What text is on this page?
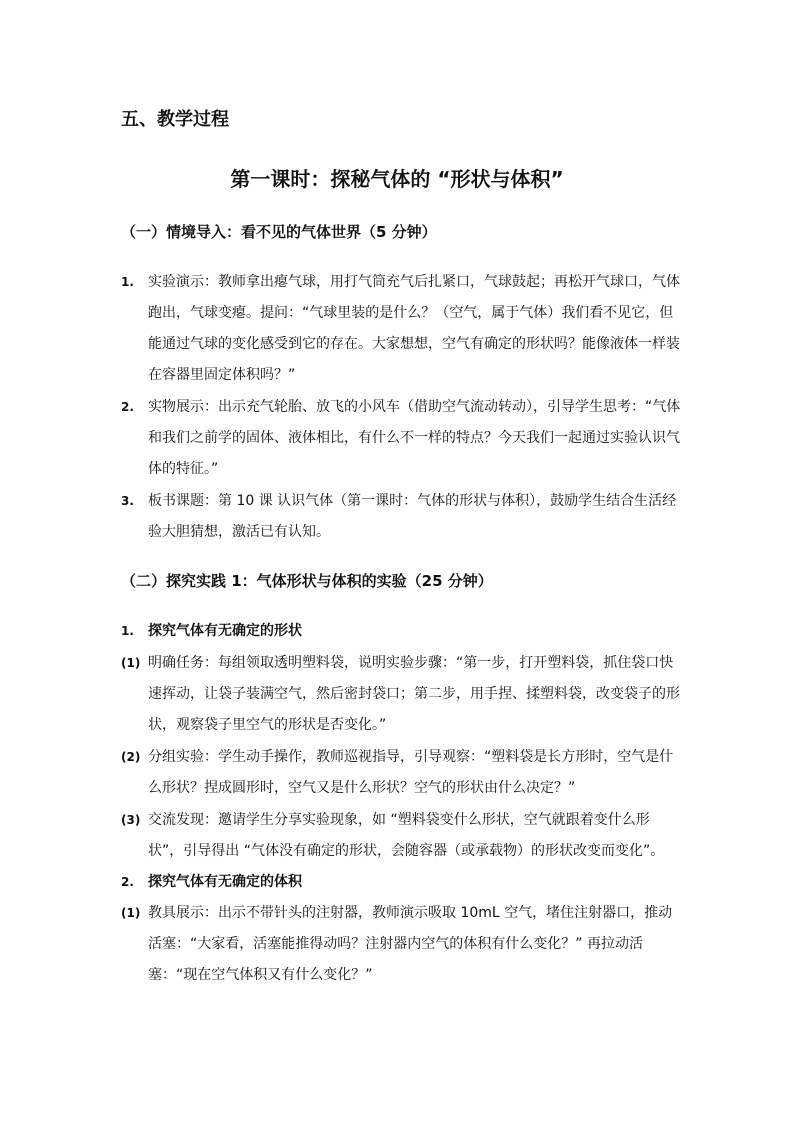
五、教学过程
第一课时：探秘气体的 “形状与体积”
（一）情境导入：看不见的气体世界（5 分钟）
1.	实验演示：教师拿出瘪气球，用打气筒充气后扎紧口，气球鼓起；再松开气球口，气体跑出，气球变瘪。提问：“气球里装的是什么？（空气，属于气体）我们看不见它，但能通过气球的变化感受到它的存在。大家想想，空气有确定的形状吗？能像液体一样装在容器里固定体积吗？”
2.	实物展示：出示充气轮胎、放飞的小风车（借助空气流动转动），引导学生思考：“气体和我们之前学的固体、液体相比，有什么不一样的特点？今天我们一起通过实验认识气体的特征。”
3.	板书课题：第 10 课 认识气体（第一课时：气体的形状与体积），鼓励学生结合生活经验大胆猜想，激活已有认知。
（二）探究实践 1：气体形状与体积的实验（25 分钟）
1.	探究气体有无确定的形状
(1) 明确任务：每组领取透明塑料袋，说明实验步骤：“第一步，打开塑料袋，抓住袋口快速挥动，让袋子装满空气，然后密封袋口；第二步，用手捏、揉塑料袋，改变袋子的形状，观察袋子里空气的形状是否变化。”
(2) 分组实验：学生动手操作，教师巡视指导，引导观察：“塑料袋是长方形时，空气是什么形状？捏成圆形时，空气又是什么形状？空气的形状由什么决定？”
(3) 交流发现：邀请学生分享实验现象，如 “塑料袋变什么形状，空气就跟着变什么形状”，引导得出 “气体没有确定的形状，会随容器（或承载物）的形状改变而变化”。
2.	探究气体有无确定的体积
(1) 教具展示：出示不带针头的注射器，教师演示吸取 10mL 空气，堵住注射器口，推动活塞：“大家看，活塞能推得动吗？注射器内空气的体积有什么变化？” 再拉动活塞：“现在空气体积又有什么变化？”
